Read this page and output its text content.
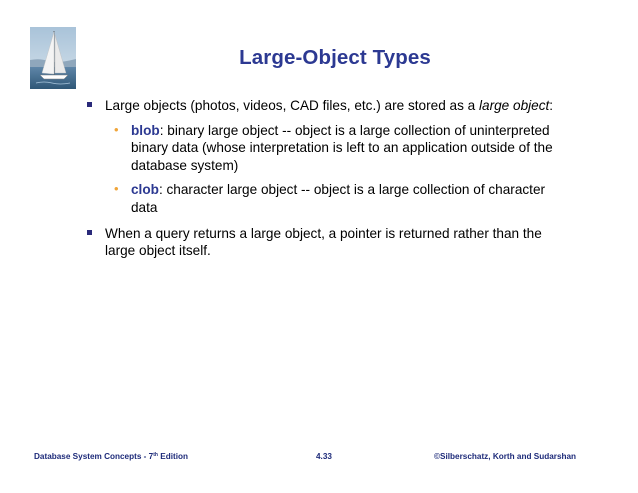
Large-Object Types
Large objects (photos, videos, CAD files, etc.) are stored as a large object:
• blob: binary large object -- object is a large collection of uninterpreted binary data (whose interpretation is left to an application outside of the database system)
• clob: character large object -- object is a large collection of character data
When a query returns a large object, a pointer is returned rather than the large object itself.
Database System Concepts - 7th Edition	4.33	©Silberschatz, Korth and Sudarshan
